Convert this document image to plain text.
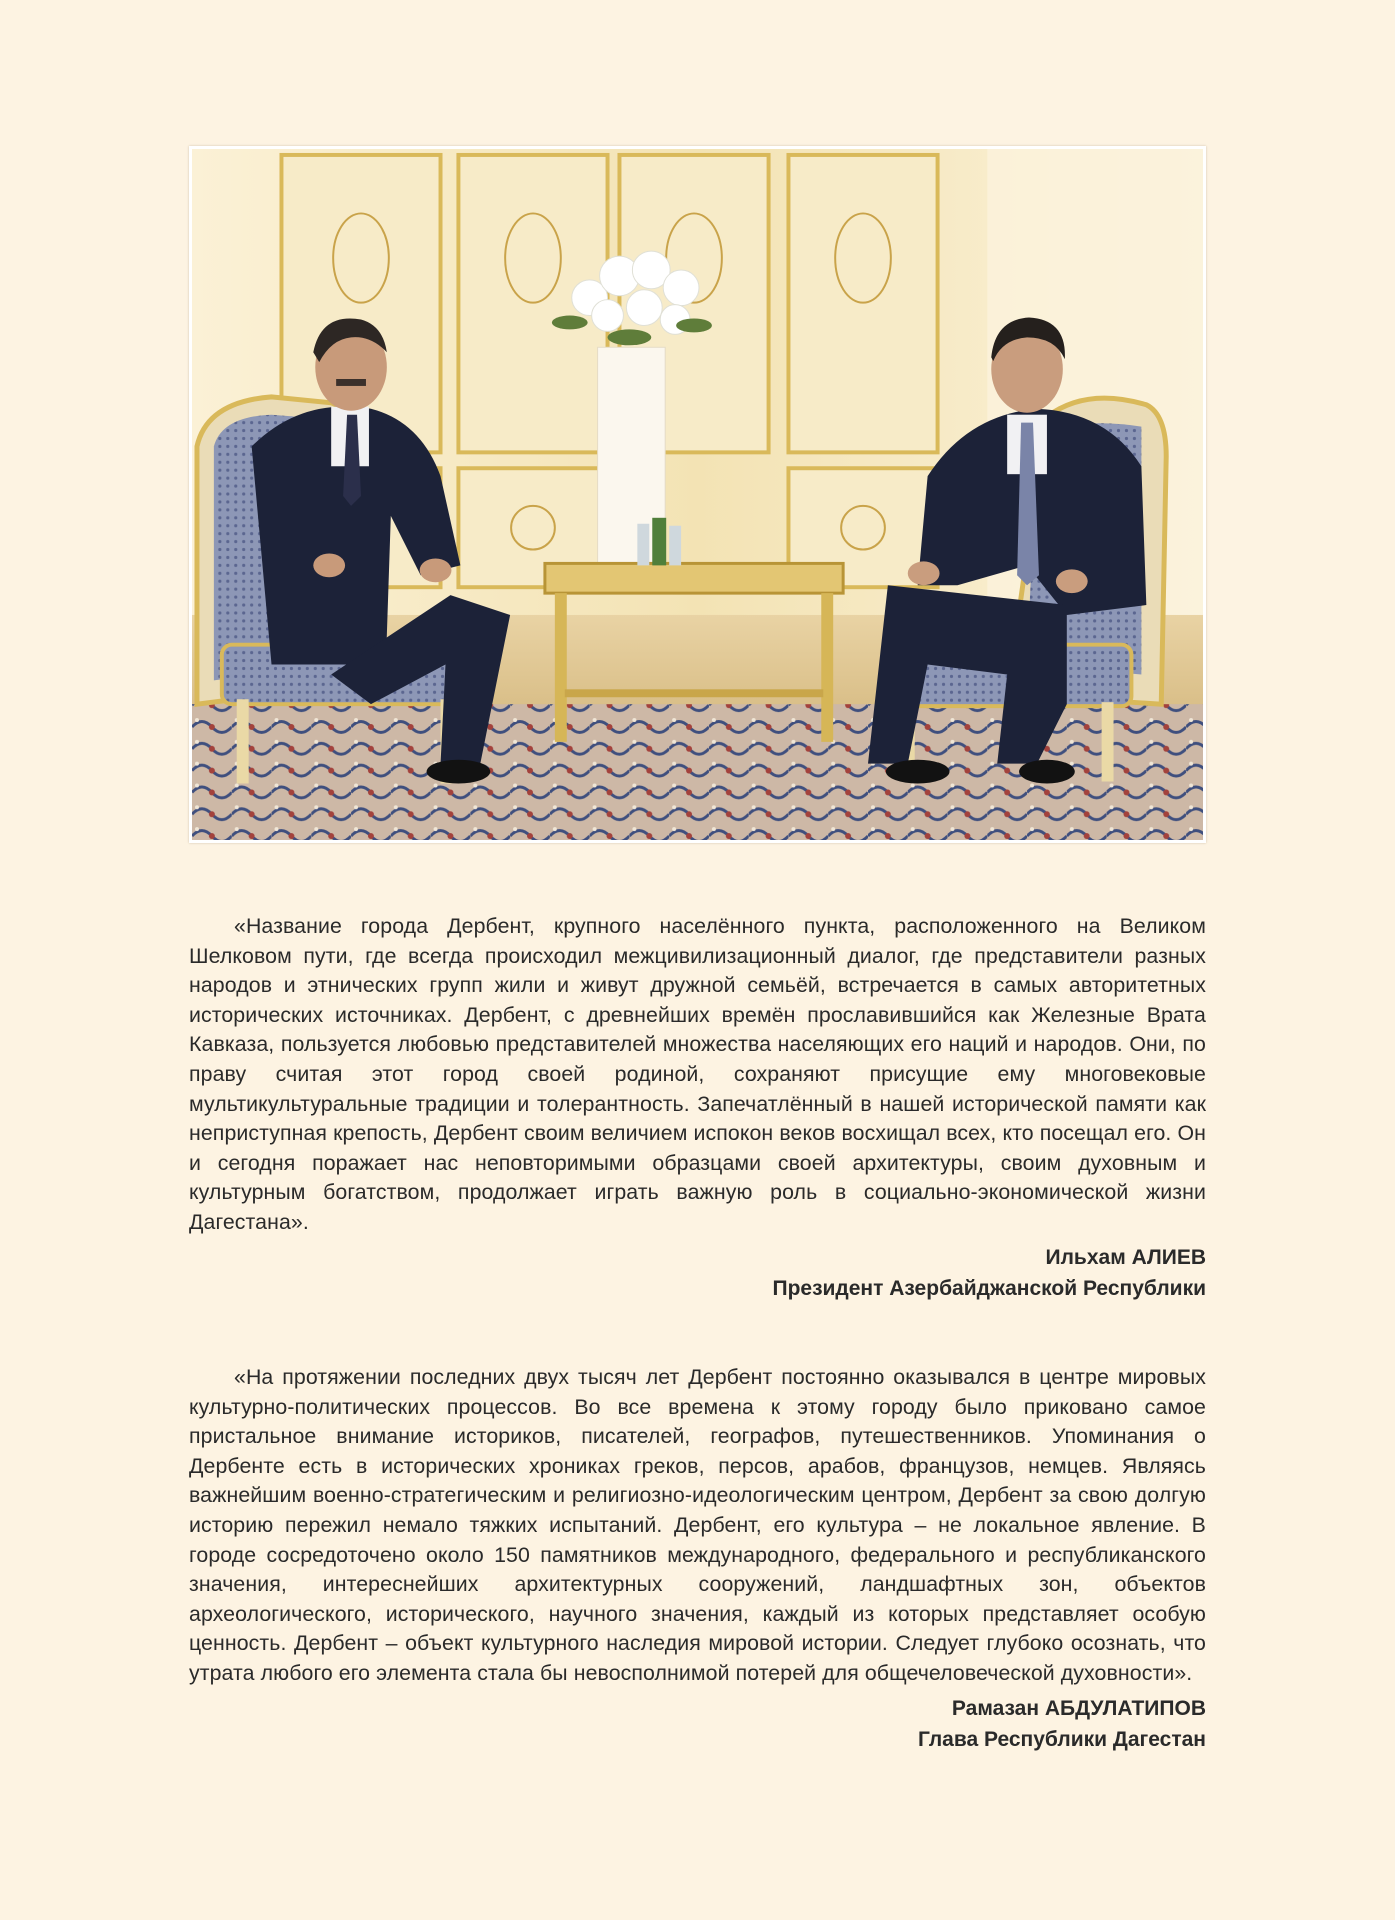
«Название города Дербент, крупного населённого пункта, расположенного на Великом Шелковом пути, где всегда происходил межцивилизационный диалог, где представители разных народов и этнических групп жили и живут дружной семьёй, встречается в самых авторитетных исторических источниках. Дербент, с древнейших времён прославившийся как Железные Врата Кавказа, пользуется любовью представителей множества населяющих его наций и народов. Они, по праву считая этот город своей родиной, сохраняют присущие ему многовековые мультикультуральные традиции и толерантность. Запечатлённый в нашей исторической памяти как неприступная крепость, Дербент своим величием испокон веков восхищал всех, кто посещал его. Он и сегодня поражает нас неповторимыми образцами своей архитектуры, своим духовным и культурным богатством, продолжает играть важную роль в социально-экономической жизни Дагестана».

Ильхам АЛИЕВ
Президент Азербайджанской Республики

«На протяжении последних двух тысяч лет Дербент постоянно оказывался в центре мировых культурно-политических процессов. Во все времена к этому городу было приковано самое пристальное внимание историков, писателей, географов, путешественников. Упоминания о Дербенте есть в исторических хрониках греков, персов, арабов, французов, немцев. Являясь важнейшим военно-стратегическим и религиозно-идеологическим центром, Дербент за свою долгую историю пережил немало тяжких испытаний. Дербент, его культура – не локальное явление. В городе сосредоточено около 150 памятников международного, федерального и республиканского значения, интереснейших архитектурных сооружений, ландшафтных зон, объектов археологического, исторического, научного значения, каждый из которых представляет особую ценность. Дербент – объект культурного наследия мировой истории. Следует глубоко осознать, что утрата любого его элемента стала бы невосполнимой потерей для общечеловеческой духовности».

Рамазан АБДУЛАТИПОВ
Глава Республики Дагестан
